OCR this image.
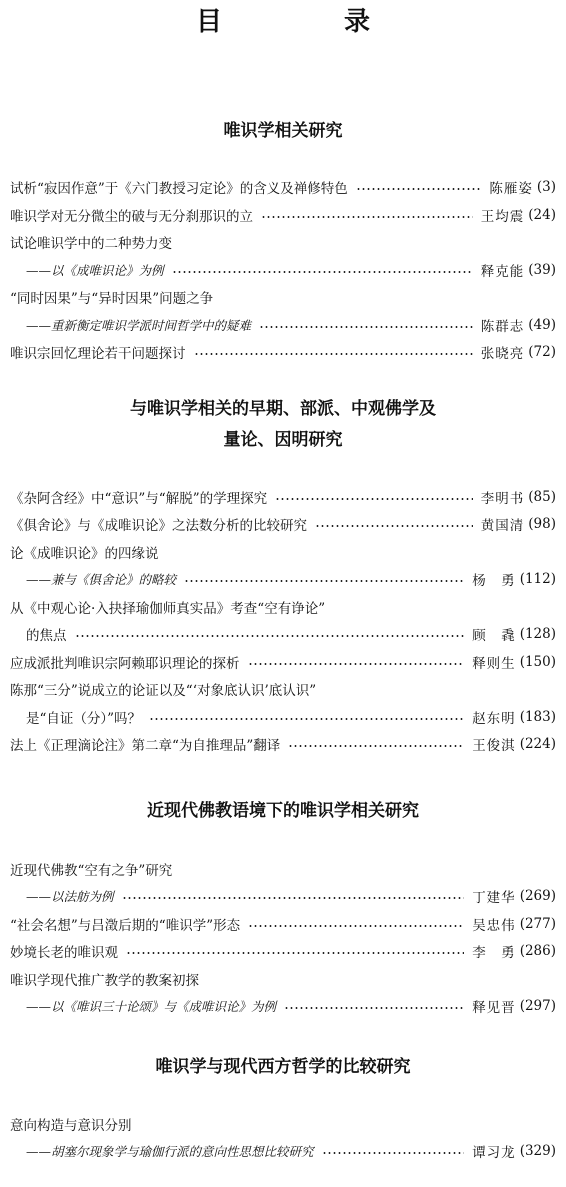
目　录
唯识学相关研究
试析“寂因作意”于《六门教授习定论》的含义及禅修特色	陈雁姿 (3)
唯识学对无分微尘的破与无分刹那识的立	王均震 (24)
试论唯识学中的二种势力变
——以《成唯识论》为例	释克能 (39)
“同时因果”与“异时因果”问题之争
——重新衡定唯识学派时间哲学中的疑难	陈群志 (49)
唯识宗回忆理论若干问题探讨	张晓亮 (72)
与唯识学相关的早期、部派、中观佛学及
量论、因明研究
《杂阿含经》中“意识”与“解脱”的学理探究	李明书 (85)
《俱舍论》与《成唯识论》之法数分析的比较研究	黄国清 (98)
论《成唯识论》的四缘说
——兼与《俱舍论》的略较	杨　勇 (112)
从《中观心论·入抉择瑜伽师真实品》考查“空有诤论”
的焦点	顾　毳 (128)
应成派批判唯识宗阿赖耶识理论的探析	释则生 (150)
陈那“三分”说成立的论证以及“‘对象底认识’底认识”
是“自证（分）”吗？	赵东明 (183)
法上《正理滴论注》第二章“为自推理品”翻译	王俊淇 (224)
近现代佛教语境下的唯识学相关研究
近现代佛教“空有之争”研究
——以法舫为例	丁建华 (269)
“社会名想”与吕澂后期的“唯识学”形态	吴忠伟 (277)
妙境长老的唯识观	李　勇 (286)
唯识学现代推广教学的教案初探
——以《唯识三十论颂》与《成唯识论》为例	释见晋 (297)
唯识学与现代西方哲学的比较研究
意向构造与意识分别
——胡塞尔现象学与瑜伽行派的意向性思想比较研究	谭习龙 (329)
